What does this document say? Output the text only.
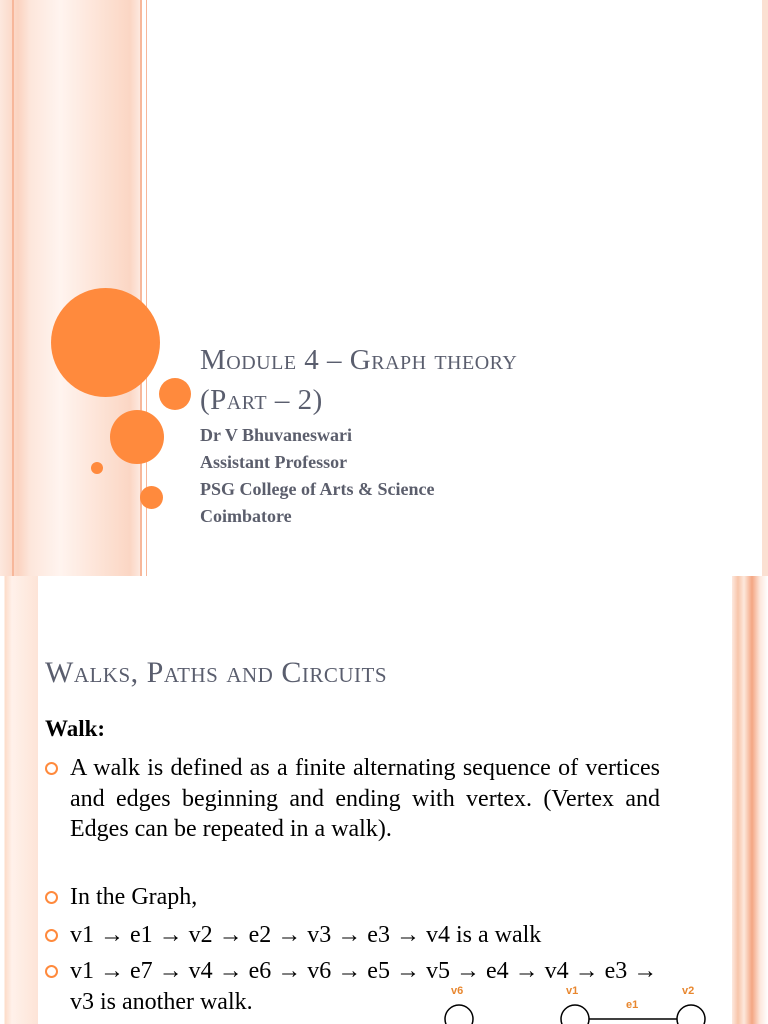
Module 4 – Graph theory
(Part – 2)
Dr V Bhuvaneswari
Assistant Professor
PSG College of Arts & Science
Coimbatore
Walks, Paths and Circuits
Walk:
A walk is defined as a finite alternating sequence of vertices and edges beginning and ending with vertex. (Vertex and Edges can be repeated in a walk).
In the Graph,
v1 → e1 → v2 → e2 → v3 → e3 → v4 is a walk
v1 → e7 → v4 → e6 → v6 → e5 → v5 → e4 → v4 → e3 → v3 is another walk.	v6	v1
e1
v2
